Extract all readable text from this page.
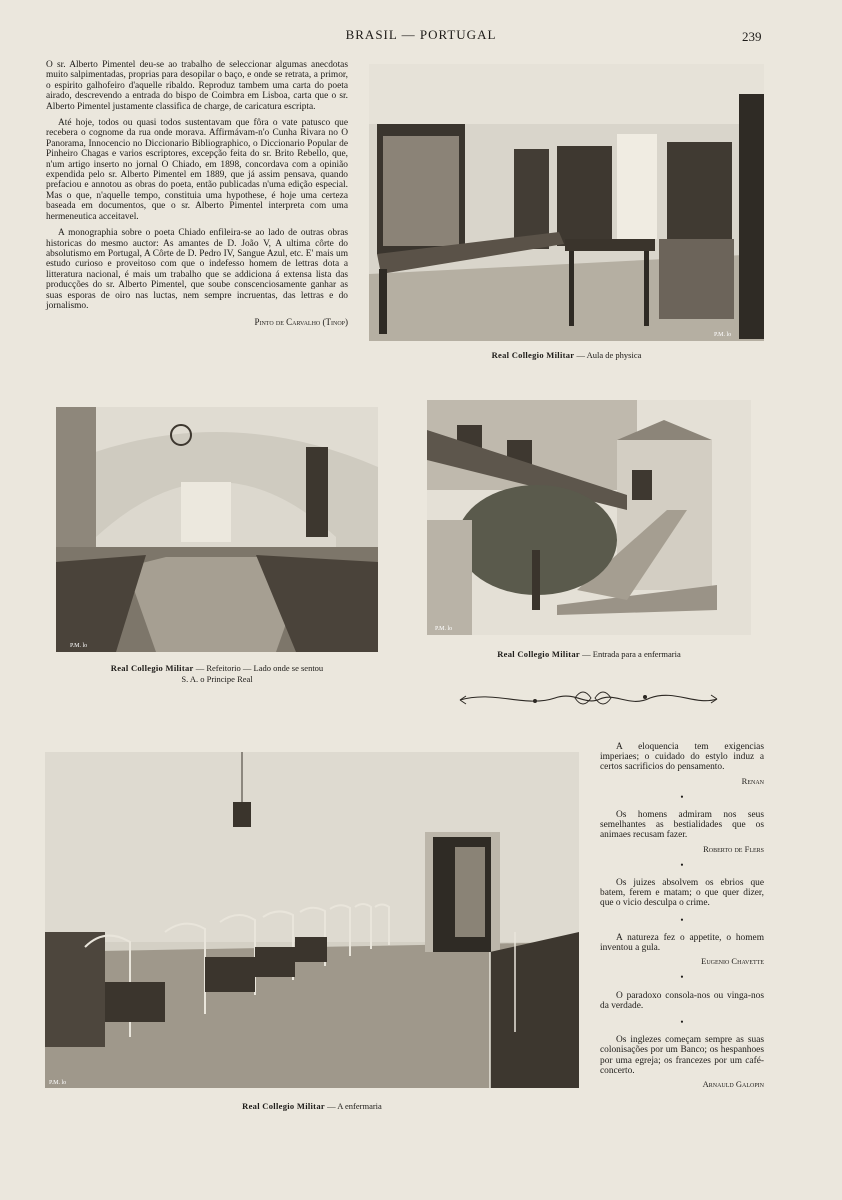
BRASIL — PORTUGAL	239

O sr. Alberto Pimentel deu-se ao trabalho de seleccionar algumas anecdotas muito salpimentadas, proprias para desopilar o baço, e onde se retrata, a primor, o espirito galhofeiro d'aquelle ribaldo. Reproduz tambem uma carta do poeta airado, descrevendo a entrada do bispo de Coimbra em Lisboa, carta que o sr. Alberto Pimentel justamente classifica de charge, de caricatura escripta.

Até hoje, todos ou quasi todos sustentavam que fôra o vate patusco que recebera o cognome da rua onde morava. Affirmávam-n'o Cunha Rivara no O Panorama, Innocencio no Diccionario Bibliographico, o Diccionario Popular de Pinheiro Chagas e varios escriptores, excepção feita do sr. Brito Rebello, que, n'um artigo inserto no jornal O Chiado, em 1898, concordava com a opinião expendida pelo sr. Alberto Pimentel em 1889, que já assim pensava, quando prefaciou e annotou as obras do poeta, então publicadas n'uma edição especial. Mas o que, n'aquelle tempo, constituia uma hypothese, é hoje uma certeza baseada em documentos, que o sr. Alberto Pimentel interpreta com uma hermeneutica acceitavel.

A monographia sobre o poeta Chiado enfileira-se ao lado de outras obras historicas do mesmo auctor: As amantes de D. João V, A ultima côrte do absolutismo em Portugal, A Côrte de D. Pedro IV, Sangue Azul, etc. E' mais um estudo curioso e proveitoso com que o indefesso homem de lettras dota a litteratura nacional, é mais um trabalho que se addiciona á extensa lista das producções do sr. Alberto Pimentel, que soube conscenciosamente ganhar as suas esporas de oiro nas luctas, nem sempre incruentas, das lettras e do jornalismo.

Pinto de Carvalho (Tinop)
P.M. lo
Real Collegio Militar — Aula de physica
P.M. lo
Real Collegio Militar — Refeitorio — Lado onde se sentou
S. A. o Principe Real
P.M. lo
Real Collegio Militar — Entrada para a enfermaria
P.M. lo
Real Collegio Militar — A enfermaria
A eloquencia tem exigencias imperiaes; o cuidado do estylo induz a certos sacrificios do pensamento.
Renan
•
Os homens admiram nos seus semelhantes as bestialidades que os animaes recusam fazer.
Roberto de Flers
•
Os juizes absolvem os ebrios que batem, ferem e matam; o que quer dizer, que o vicio desculpa o crime.
•
A natureza fez o appetite, o homem inventou a gula.
Eugenio Chavette
•
O paradoxo consola-nos ou vinga-nos da verdade.
•
Os inglezes começam sempre as suas colonisações por um Banco; os hespanhoes por uma egreja; os francezes por um café-concerto.
Arnauld Galopin
